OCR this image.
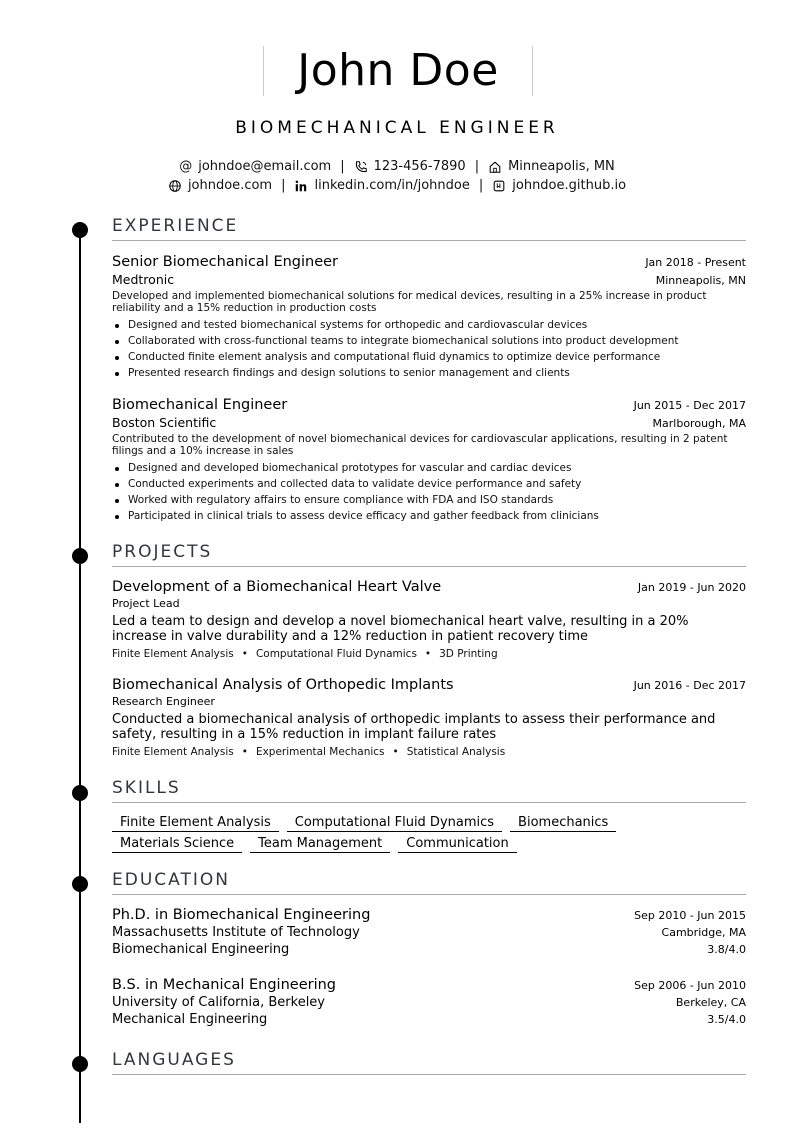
John Doe
BIOMECHANICAL ENGINEER
@ johndoe@email.com | 123-456-7890 | Minneapolis, MN
johndoe.com | linkedin.com/in/johndoe | johndoe.github.io
EXPERIENCE
Senior Biomechanical Engineer	Jan 2018 - Present
Medtronic	Minneapolis, MN
Developed and implemented biomechanical solutions for medical devices, resulting in a 25% increase in product reliability and a 15% reduction in production costs
Designed and tested biomechanical systems for orthopedic and cardiovascular devices
Collaborated with cross-functional teams to integrate biomechanical solutions into product development
Conducted finite element analysis and computational fluid dynamics to optimize device performance
Presented research findings and design solutions to senior management and clients
Biomechanical Engineer	Jun 2015 - Dec 2017
Boston Scientific	Marlborough, MA
Contributed to the development of novel biomechanical devices for cardiovascular applications, resulting in 2 patent filings and a 10% increase in sales
Designed and developed biomechanical prototypes for vascular and cardiac devices
Conducted experiments and collected data to validate device performance and safety
Worked with regulatory affairs to ensure compliance with FDA and ISO standards
Participated in clinical trials to assess device efficacy and gather feedback from clinicians
PROJECTS
Development of a Biomechanical Heart Valve	Jan 2019 - Jun 2020
Project Lead
Led a team to design and develop a novel biomechanical heart valve, resulting in a 20% increase in valve durability and a 12% reduction in patient recovery time
Finite Element Analysis • Computational Fluid Dynamics • 3D Printing
Biomechanical Analysis of Orthopedic Implants	Jun 2016 - Dec 2017
Research Engineer
Conducted a biomechanical analysis of orthopedic implants to assess their performance and safety, resulting in a 15% reduction in implant failure rates
Finite Element Analysis • Experimental Mechanics • Statistical Analysis
SKILLS
Finite Element Analysis	Computational Fluid Dynamics	Biomechanics
Materials Science	Team Management	Communication
EDUCATION
Ph.D. in Biomechanical Engineering	Sep 2010 - Jun 2015
Massachusetts Institute of Technology	Cambridge, MA
Biomechanical Engineering	3.8/4.0
B.S. in Mechanical Engineering	Sep 2006 - Jun 2010
University of California, Berkeley	Berkeley, CA
Mechanical Engineering	3.5/4.0
LANGUAGES
